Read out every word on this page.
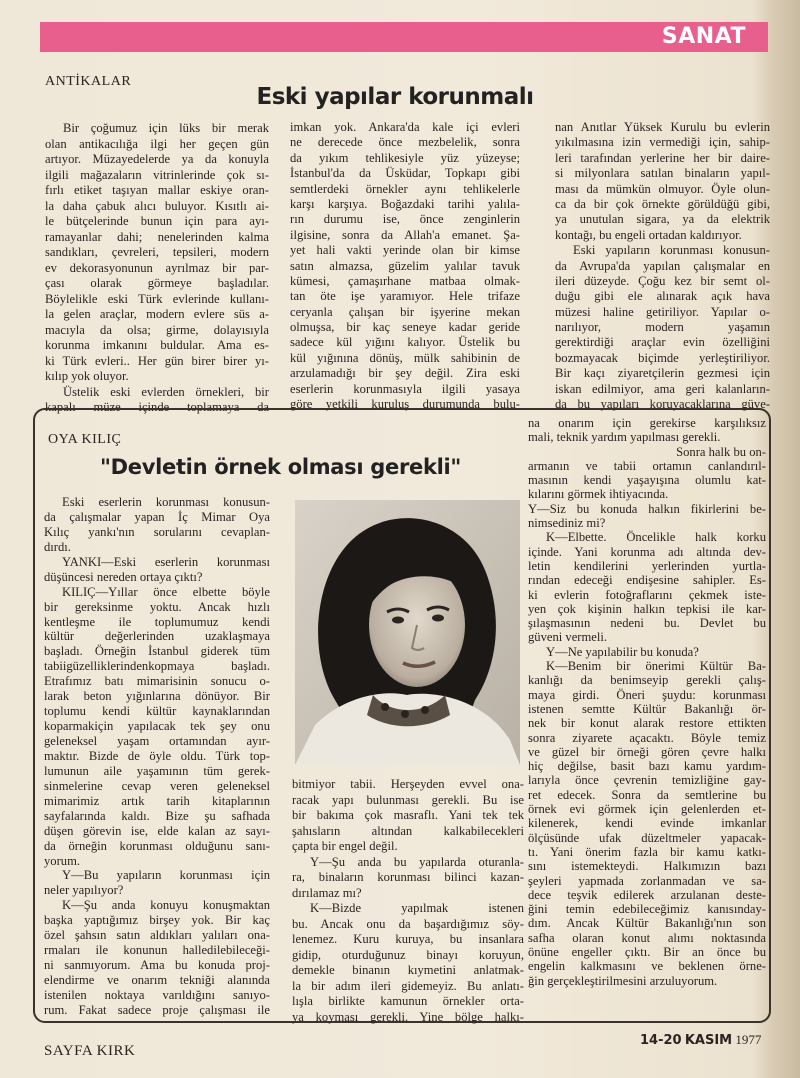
SANAT
ANTİKALAR
Eski yapılar korunmalı
Bir çoğumuz için lüks bir merak
olan antikacılığa ilgi her geçen gün
artıyor. Müzayedelerde ya da konuyla
ilgili mağazaların vitrinlerinde çok sı-
fırlı etiket taşıyan mallar eskiye oran-
la daha çabuk alıcı buluyor. Kısıtlı ai-
le bütçelerinde bunun için para ayı-
ramayanlar dahi; nenelerinden kalma
sandıkları, çevreleri, tepsileri, modern
ev dekorasyonunun ayrılmaz bir par-
çası olarak görmeye başladılar.
Böylelikle eski Türk evlerinde kullanı-
la gelen araçlar, modern evlere süs a-
macıyla da olsa; girme, dolayısıyla
korunma imkanını buldular. Ama es-
ki Türk evleri.. Her gün birer birer yı-
kılıp yok oluyor.
Üstelik eski evlerden örnekleri, bir
kapalı müze içinde toplamaya da
imkan yok. Ankara'da kale içi evleri
ne derecede önce mezbelelik, sonra
da yıkım tehlikesiyle yüz yüzeyse;
İstanbul'da da Üsküdar, Topkapı gibi
semtlerdeki örnekler aynı tehlikelerle
karşı karşıya. Boğazdaki tarihi yalıla-
rın durumu ise, önce zenginlerin
ilgisine, sonra da Allah'a emanet. Şa-
yet hali vakti yerinde olan bir kimse
satın almazsa, güzelim yalılar tavuk
kümesi, çamaşırhane matbaa olmak-
tan öte işe yaramıyor. Hele trifaze
ceryanla çalışan bir işyerine mekan
olmuşsa, bir kaç seneye kadar geride
sadece kül yığını kalıyor. Üstelik bu
kül yığınına dönüş, mülk sahibinin de
arzulamadığı bir şey değil. Zira eski
eserlerin korunmasıyla ilgili yasaya
göre yetkili kuruluş durumunda bulu-
nan Anıtlar Yüksek Kurulu bu evlerin
yıkılmasına izin vermediği için, sahip-
leri tarafından yerlerine her bir daire-
si milyonlara satılan binaların yapıl-
ması da mümkün olmuyor. Öyle olun-
ca da bir çok örnekte görüldüğü gibi,
ya unutulan sigara, ya da elektrik
kontağı, bu engeli ortadan kaldırıyor.
Eski yapıların korunması konusun-
da Avrupa'da yapılan çalışmalar en
ileri düzeyde. Çoğu kez bir semt ol-
duğu gibi ele alınarak açık hava
müzesi haline getiriliyor. Yapılar o-
narılıyor, modern yaşamın
gerektirdiği araçlar evin özelliğini
bozmayacak biçimde yerleştiriliyor.
Bir kaçı ziyaretçilerin gezmesi için
iskan edilmiyor, ama geri kalanların-
da bu yapıları koruyacaklarına güve-
OYA KILIÇ
"Devletin örnek olması gerekli"
Eski eserlerin korunması konusun-
da çalışmalar yapan İç Mimar Oya
Kılıç yankı'nın sorularını cevaplan-
dırdı.
YANKI—Eski eserlerin korunması
düşüncesi nereden ortaya çıktı?
KILIÇ—Yıllar önce elbette böyle
bir gereksinme yoktu. Ancak hızlı
kentleşme ile toplumumuz kendi
kültür değerlerinden uzaklaşmaya
başladı. Örneğin İstanbul giderek tüm
tabiigüzelliklerindenkopmaya başladı.
Etrafımız batı mimarisinin sonucu o-
larak beton yığınlarına dönüyor. Bir
toplumu kendi kültür kaynaklarından
koparmakiçin yapılacak tek şey onu
geleneksel yaşam ortamından ayır-
maktır. Bizde de öyle oldu. Türk top-
lumunun aile yaşamının tüm gerek-
sinmelerine cevap veren geleneksel
mimarimiz artık tarih kitaplarının
sayfalarında kaldı. Bize şu safhada
düşen görevin ise, elde kalan az sayı-
da örneğin korunması olduğunu sanı-
yorum.
Y—Bu yapıların korunması için
neler yapılıyor?
K—Şu anda konuyu konuşmaktan
başka yaptığımız birşey yok. Bir kaç
özel şahsın satın aldıkları yalıları ona-
rmaları ile konunun halledilebileceği-
ni sanmıyorum. Ama bu konuda proj-
elendirme ve onarım tekniği alanında
istenilen noktaya varıldığını sanıyo-
rum. Fakat sadece proje çalışması ile
bitmiyor tabii. Herşeyden evvel ona-
racak yapı bulunması gerekli. Bu ise
bir bakıma çok masraflı. Yani tek tek
şahısların altından kalkabilecekleri
çapta bir engel değil.
Y—Şu anda bu yapılarda oturanla-
ra, binaların korunması bilinci kazan-
dırılamaz mı?
K—Bizde yapılmak istenen
bu. Ancak onu da başardığımız söy-
lenemez. Kuru kuruya, bu insanlara
gidip, oturduğunuz binayı koruyun,
demekle binanın kıymetini anlatmak-
la bir adım ileri gidemeyiz. Bu anlatı-
lışla birlikte kamunun örnekler orta-
ya koyması gerekli. Yine bölge halkı-
na onarım için gerekirse karşılıksız
mali, teknik yardım yapılması gerekli.
Sonra halk bu on-
armanın ve tabii ortamın canlandırıl-
masının kendi yaşayışına olumlu kat-
kılarını görmek ihtiyacında.
Y—Siz bu konuda halkın fikirlerini be-
nimsediniz mi?
K—Elbette. Öncelikle halk korku
içinde. Yani korunma adı altında dev-
letin kendilerini yerlerinden yurtla-
rından edeceği endişesine sahipler. Es-
ki evlerin fotoğraflarını çekmek iste-
yen çok kişinin halkın tepkisi ile kar-
şılaşmasının nedeni bu. Devlet bu
güveni vermeli.
Y—Ne yapılabilir bu konuda?
K—Benim bir önerimi Kültür Ba-
kanlığı da benimseyip gerekli çalış-
maya girdi. Öneri şuydu: korunması
istenen semtte Kültür Bakanlığı ör-
nek bir konut alarak restore ettikten
sonra ziyarete açacaktı. Böyle temiz
ve güzel bir örneği gören çevre halkı
hiç değilse, basit bazı kamu yardım-
larıyla önce çevrenin temizliğine gay-
ret edecek. Sonra da semtlerine bu
örnek evi görmek için gelenlerden et-
kilenerek, kendi evinde imkanlar
ölçüsünde ufak düzeltmeler yapacak-
tı. Yani önerim fazla bir kamu katkı-
sını istemekteydi. Halkımızın bazı
şeyleri yapmada zorlanmadan ve sa-
dece teşvik edilerek arzulanan deste-
ğini temin edebileceğimiz kanısınday-
dım. Ancak Kültür Bakanlığı'nın son
safha olaran konut alımı noktasında
önüne engeller çıktı. Bir an önce bu
engelin kalkmasını ve beklenen örne-
ğin gerçekleştirilmesini arzuluyorum.
SAYFA KIRK
14-20 KASIM 1977
